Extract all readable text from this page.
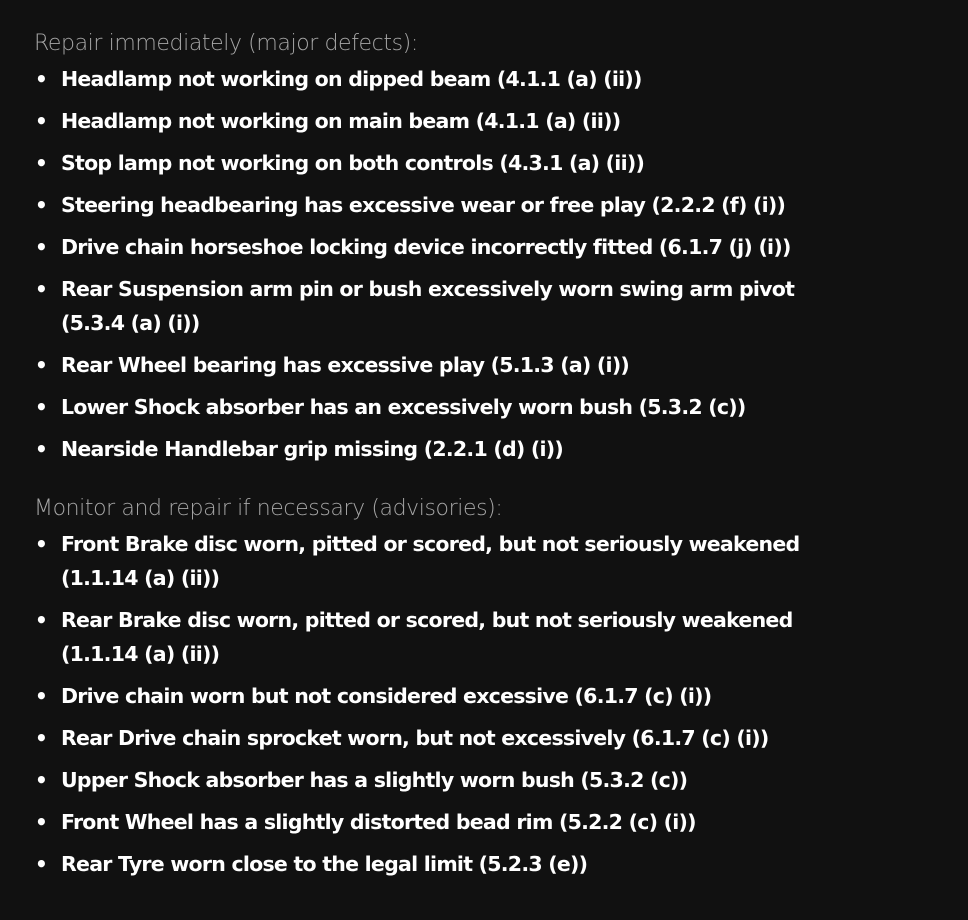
Repair immediately (major defects):
• Headlamp not working on dipped beam (4.1.1 (a) (ii))
• Headlamp not working on main beam (4.1.1 (a) (ii))
• Stop lamp not working on both controls (4.3.1 (a) (ii))
• Steering headbearing has excessive wear or free play (2.2.2 (f) (i))
• Drive chain horseshoe locking device incorrectly fitted (6.1.7 (j) (i))
• Rear Suspension arm pin or bush excessively worn swing arm pivot
(5.3.4 (a) (i))
• Rear Wheel bearing has excessive play (5.1.3 (a) (i))
• Lower Shock absorber has an excessively worn bush (5.3.2 (c))
• Nearside Handlebar grip missing (2.2.1 (d) (i))
Monitor and repair if necessary (advisories):
• Front Brake disc worn, pitted or scored, but not seriously weakened
(1.1.14 (a) (ii))
• Rear Brake disc worn, pitted or scored, but not seriously weakened
(1.1.14 (a) (ii))
• Drive chain worn but not considered excessive (6.1.7 (c) (i))
• Rear Drive chain sprocket worn, but not excessively (6.1.7 (c) (i))
• Upper Shock absorber has a slightly worn bush (5.3.2 (c))
• Front Wheel has a slightly distorted bead rim (5.2.2 (c) (i))
• Rear Tyre worn close to the legal limit (5.2.3 (e))
